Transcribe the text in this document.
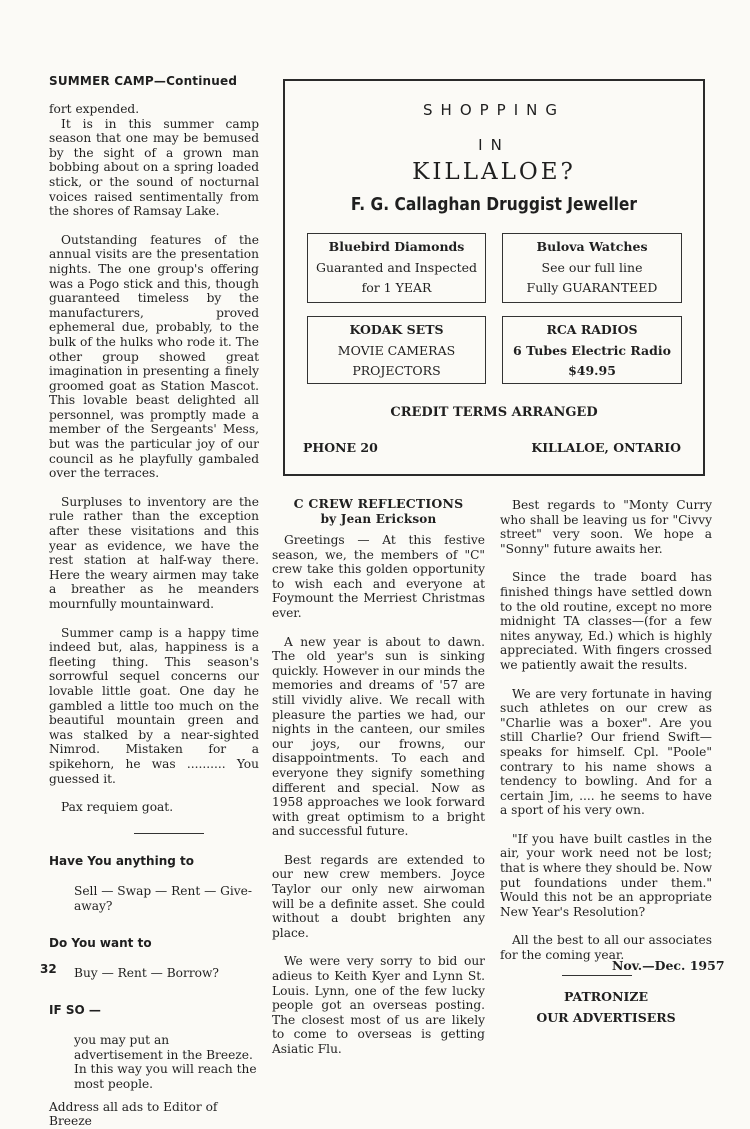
SUMMER CAMP—Continued

fort expended.

It is in this summer camp season that one may be bemused by the sight of a grown man bobbing about on a spring loaded stick, or the sound of nocturnal voices raised sentimentally from the shores of Ramsay Lake.

Outstanding features of the annual visits are the presentation nights. The one group's offering was a Pogo stick and this, though guaranteed timeless by the manufacturers, proved ephemeral due, probably, to the bulk of the hulks who rode it. The other group showed great imagination in presenting a finely groomed goat as Station Mascot. This lovable beast delighted all personnel, was promptly made a member of the Sergeants' Mess, but was the particular joy of our council as he playfully gambaled over the terraces.

Surpluses to inventory are the rule rather than the exception after these visitations and this year as evidence, we have the rest station at half-way there. Here the weary airmen may take a breather as he meanders mournfully mountainward.

Summer camp is a happy time indeed but, alas, happiness is a fleeting thing. This season's sorrowful sequel concerns our lovable little goat. One day he gambled a little too much on the beautiful mountain green and was stalked by a near-sighted Nimrod. Mistaken for a spikehorn, he was .......... You guessed it.

Pax requiem goat.

Have You anything to

Sell — Swap — Rent — Give-away?

Do You want to

Buy — Rent — Borrow?

IF SO —

you may put an advertisement in the Breeze. In this way you will reach the most people.

Address all ads to Editor of Breeze

SHOPPING
IN
KILLALOE?
F. G. Callaghan Druggist Jeweller
Bluebird Diamonds
Guaranted and Inspected
for 1 YEAR
Bulova Watches
See our full line
Fully GUARANTEED
KODAK SETS
MOVIE CAMERAS
PROJECTORS
RCA RADIOS
6 Tubes Electric Radio
$49.95
CREDIT TERMS ARRANGED
PHONE 20	KILLALOE, ONTARIO
C CREW REFLECTIONS
by Jean Erickson

Greetings — At this festive season, we, the members of "C" crew take this golden opportunity to wish each and everyone at Foymount the Merriest Christmas ever.

A new year is about to dawn. The old year's sun is sinking quickly. However in our minds the memories and dreams of '57 are still vividly alive. We recall with pleasure the parties we had, our nights in the canteen, our smiles our joys, our frowns, our disappointments. To each and everyone they signify something different and special. Now as 1958 approaches we look forward with great optimism to a bright and successful future.

Best regards are extended to our new crew members. Joyce Taylor our only new airwoman will be a definite asset. She could without a doubt brighten any place.

We were very sorry to bid our adieus to Keith Kyer and Lynn St. Louis. Lynn, one of the few lucky people got an overseas posting. The closest most of us are likely to come to overseas is getting Asiatic Flu.

Best regards to "Monty Curry who shall be leaving us for "Civvy street" very soon. We hope a "Sonny" future awaits her.

Since the trade board has finished things have settled down to the old routine, except no more midnight TA classes—(for a few nites anyway, Ed.) which is highly appreciated. With fingers crossed we patiently await the results.

We are very fortunate in having such athletes on our crew as "Charlie was a boxer". Are you still Charlie? Our friend Swift—speaks for himself. Cpl. "Poole" contrary to his name shows a tendency to bowling. And for a certain Jim, .... he seems to have a sport of his very own.

"If you have built castles in the air, your work need not be lost; that is where they should be. Now put foundations under them." Would this not be an appropriate New Year's Resolution?

All the best to all our associates for the coming year.

PATRONIZE
OUR ADVERTISERS
32	Nov.—Dec. 1957
